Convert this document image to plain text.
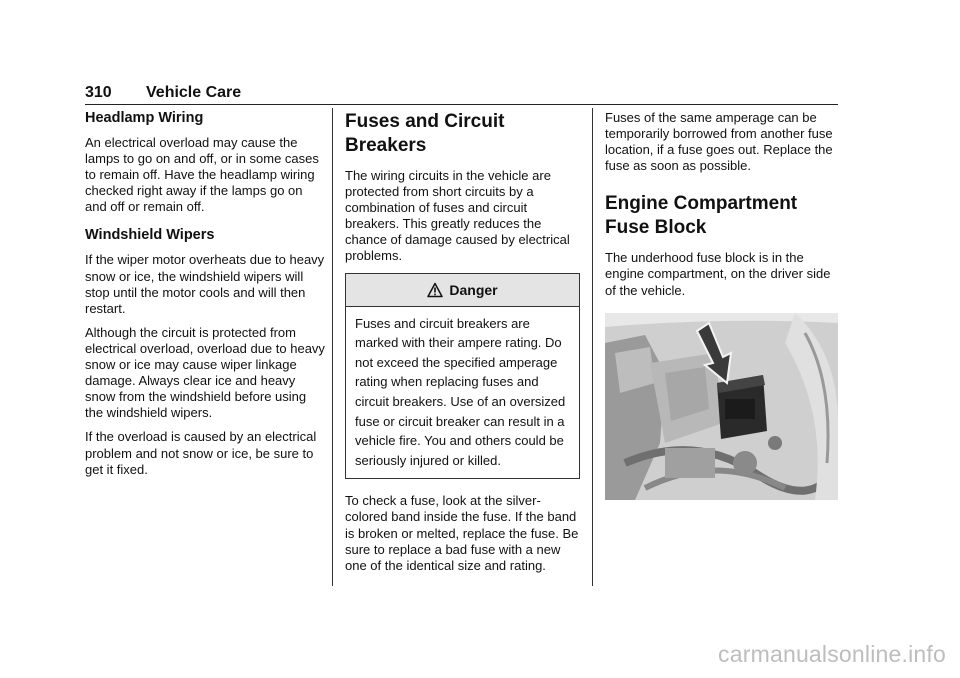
310 Vehicle Care
Headlamp Wiring

An electrical overload may cause the lamps to go on and off, or in some cases to remain off. Have the headlamp wiring checked right away if the lamps go on and off or remain off.

Windshield Wipers

If the wiper motor overheats due to heavy snow or ice, the windshield wipers will stop until the motor cools and will then restart.

Although the circuit is protected from electrical overload, overload due to heavy snow or ice may cause wiper linkage damage. Always clear ice and heavy snow from the windshield before using the windshield wipers.

If the overload is caused by an electrical problem and not snow or ice, be sure to get it fixed.

Fuses and Circuit
Breakers

The wiring circuits in the vehicle are protected from short circuits by a combination of fuses and circuit breakers. This greatly reduces the chance of damage caused by electrical problems.

Danger
Fuses and circuit breakers are marked with their ampere rating. Do not exceed the specified amperage rating when replacing fuses and circuit breakers. Use of an oversized fuse or circuit breaker can result in a vehicle fire. You and others could be seriously injured or killed.

To check a fuse, look at the silver-colored band inside the fuse. If the band is broken or melted, replace the fuse. Be sure to replace a bad fuse with a new one of the identical size and rating.

Fuses of the same amperage can be temporarily borrowed from another fuse location, if a fuse goes out. Replace the fuse as soon as possible.

Engine Compartment
Fuse Block

The underhood fuse block is in the engine compartment, on the driver side of the vehicle.

carmanualsonline.info
